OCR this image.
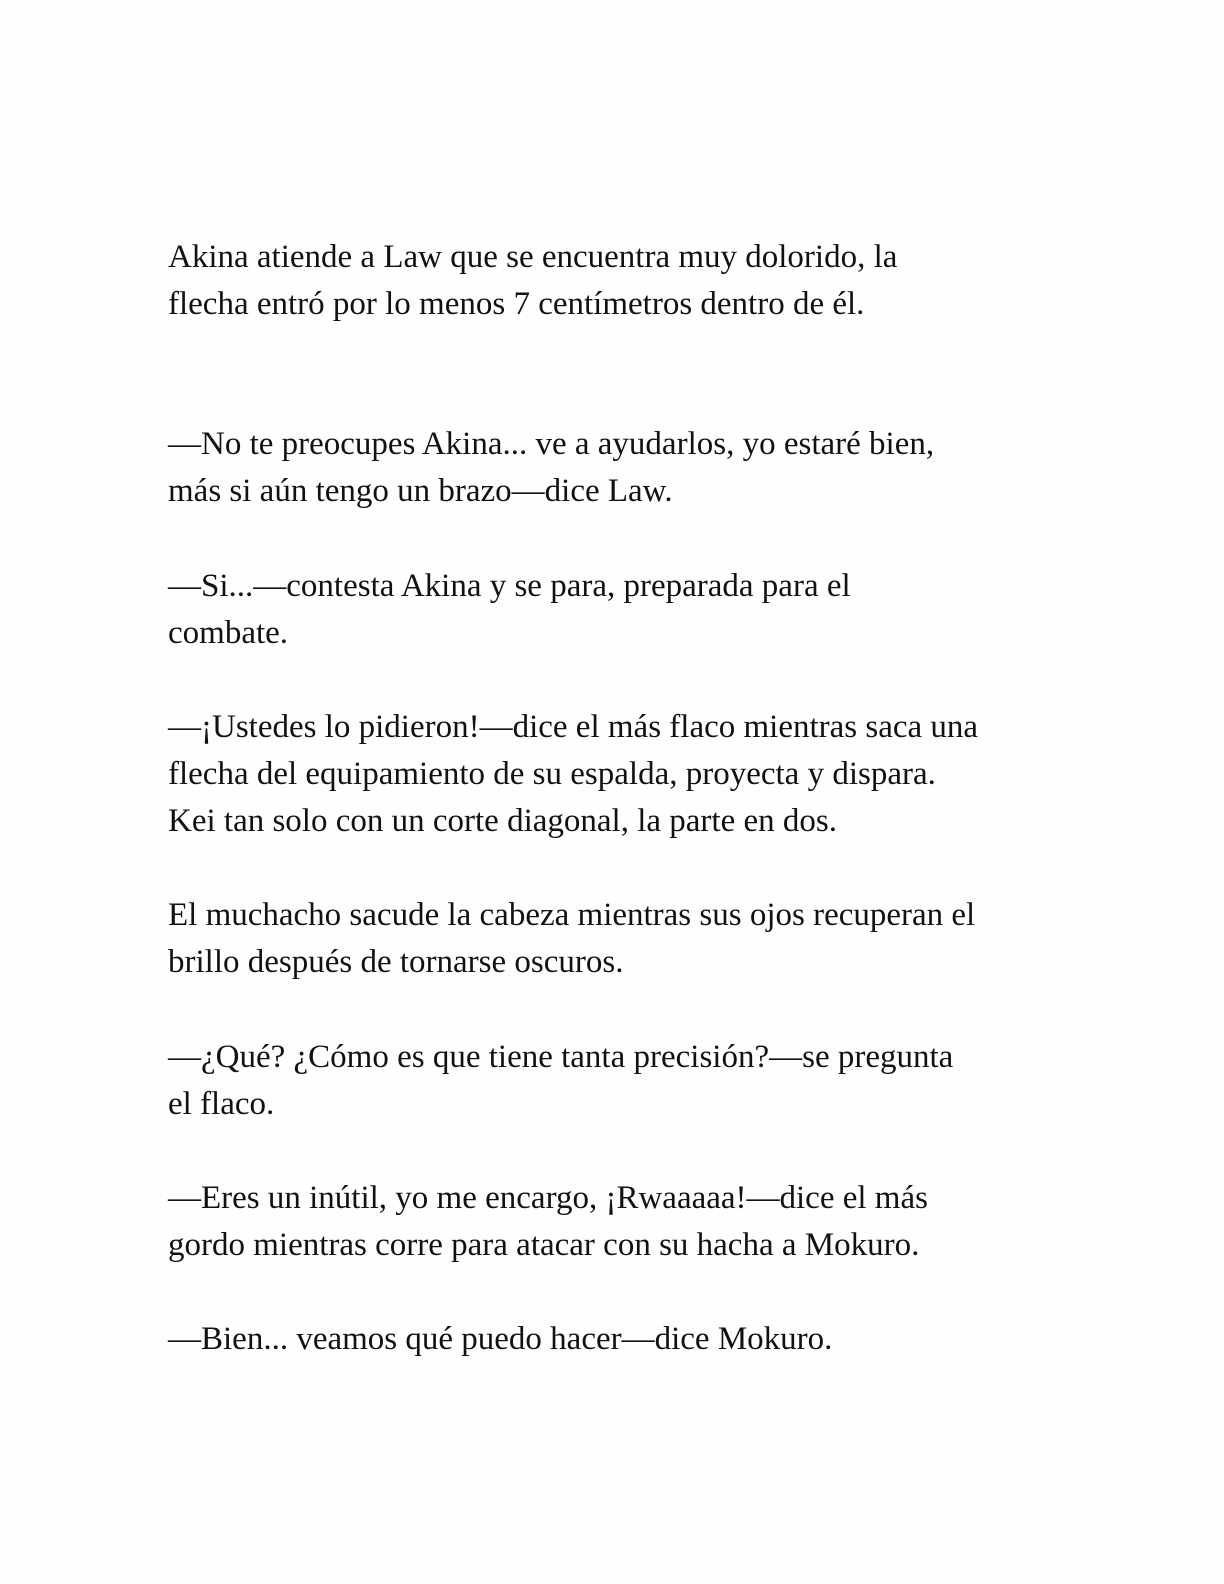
Akina atiende a Law que se encuentra muy dolorido, la
flecha entró por lo menos 7 centímetros dentro de él.

—No te preocupes Akina... ve a ayudarlos, yo estaré bien,
más si aún tengo un brazo—dice Law.

—Si...—contesta Akina y se para, preparada para el
combate.

—¡Ustedes lo pidieron!—dice el más flaco mientras saca una
flecha del equipamiento de su espalda, proyecta y dispara.
Kei tan solo con un corte diagonal, la parte en dos.

El muchacho sacude la cabeza mientras sus ojos recuperan el
brillo después de tornarse oscuros.

—¿Qué? ¿Cómo es que tiene tanta precisión?—se pregunta
el flaco.

—Eres un inútil, yo me encargo, ¡Rwaaaaa!—dice el más
gordo mientras corre para atacar con su hacha a Mokuro.

—Bien... veamos qué puedo hacer—dice Mokuro.
